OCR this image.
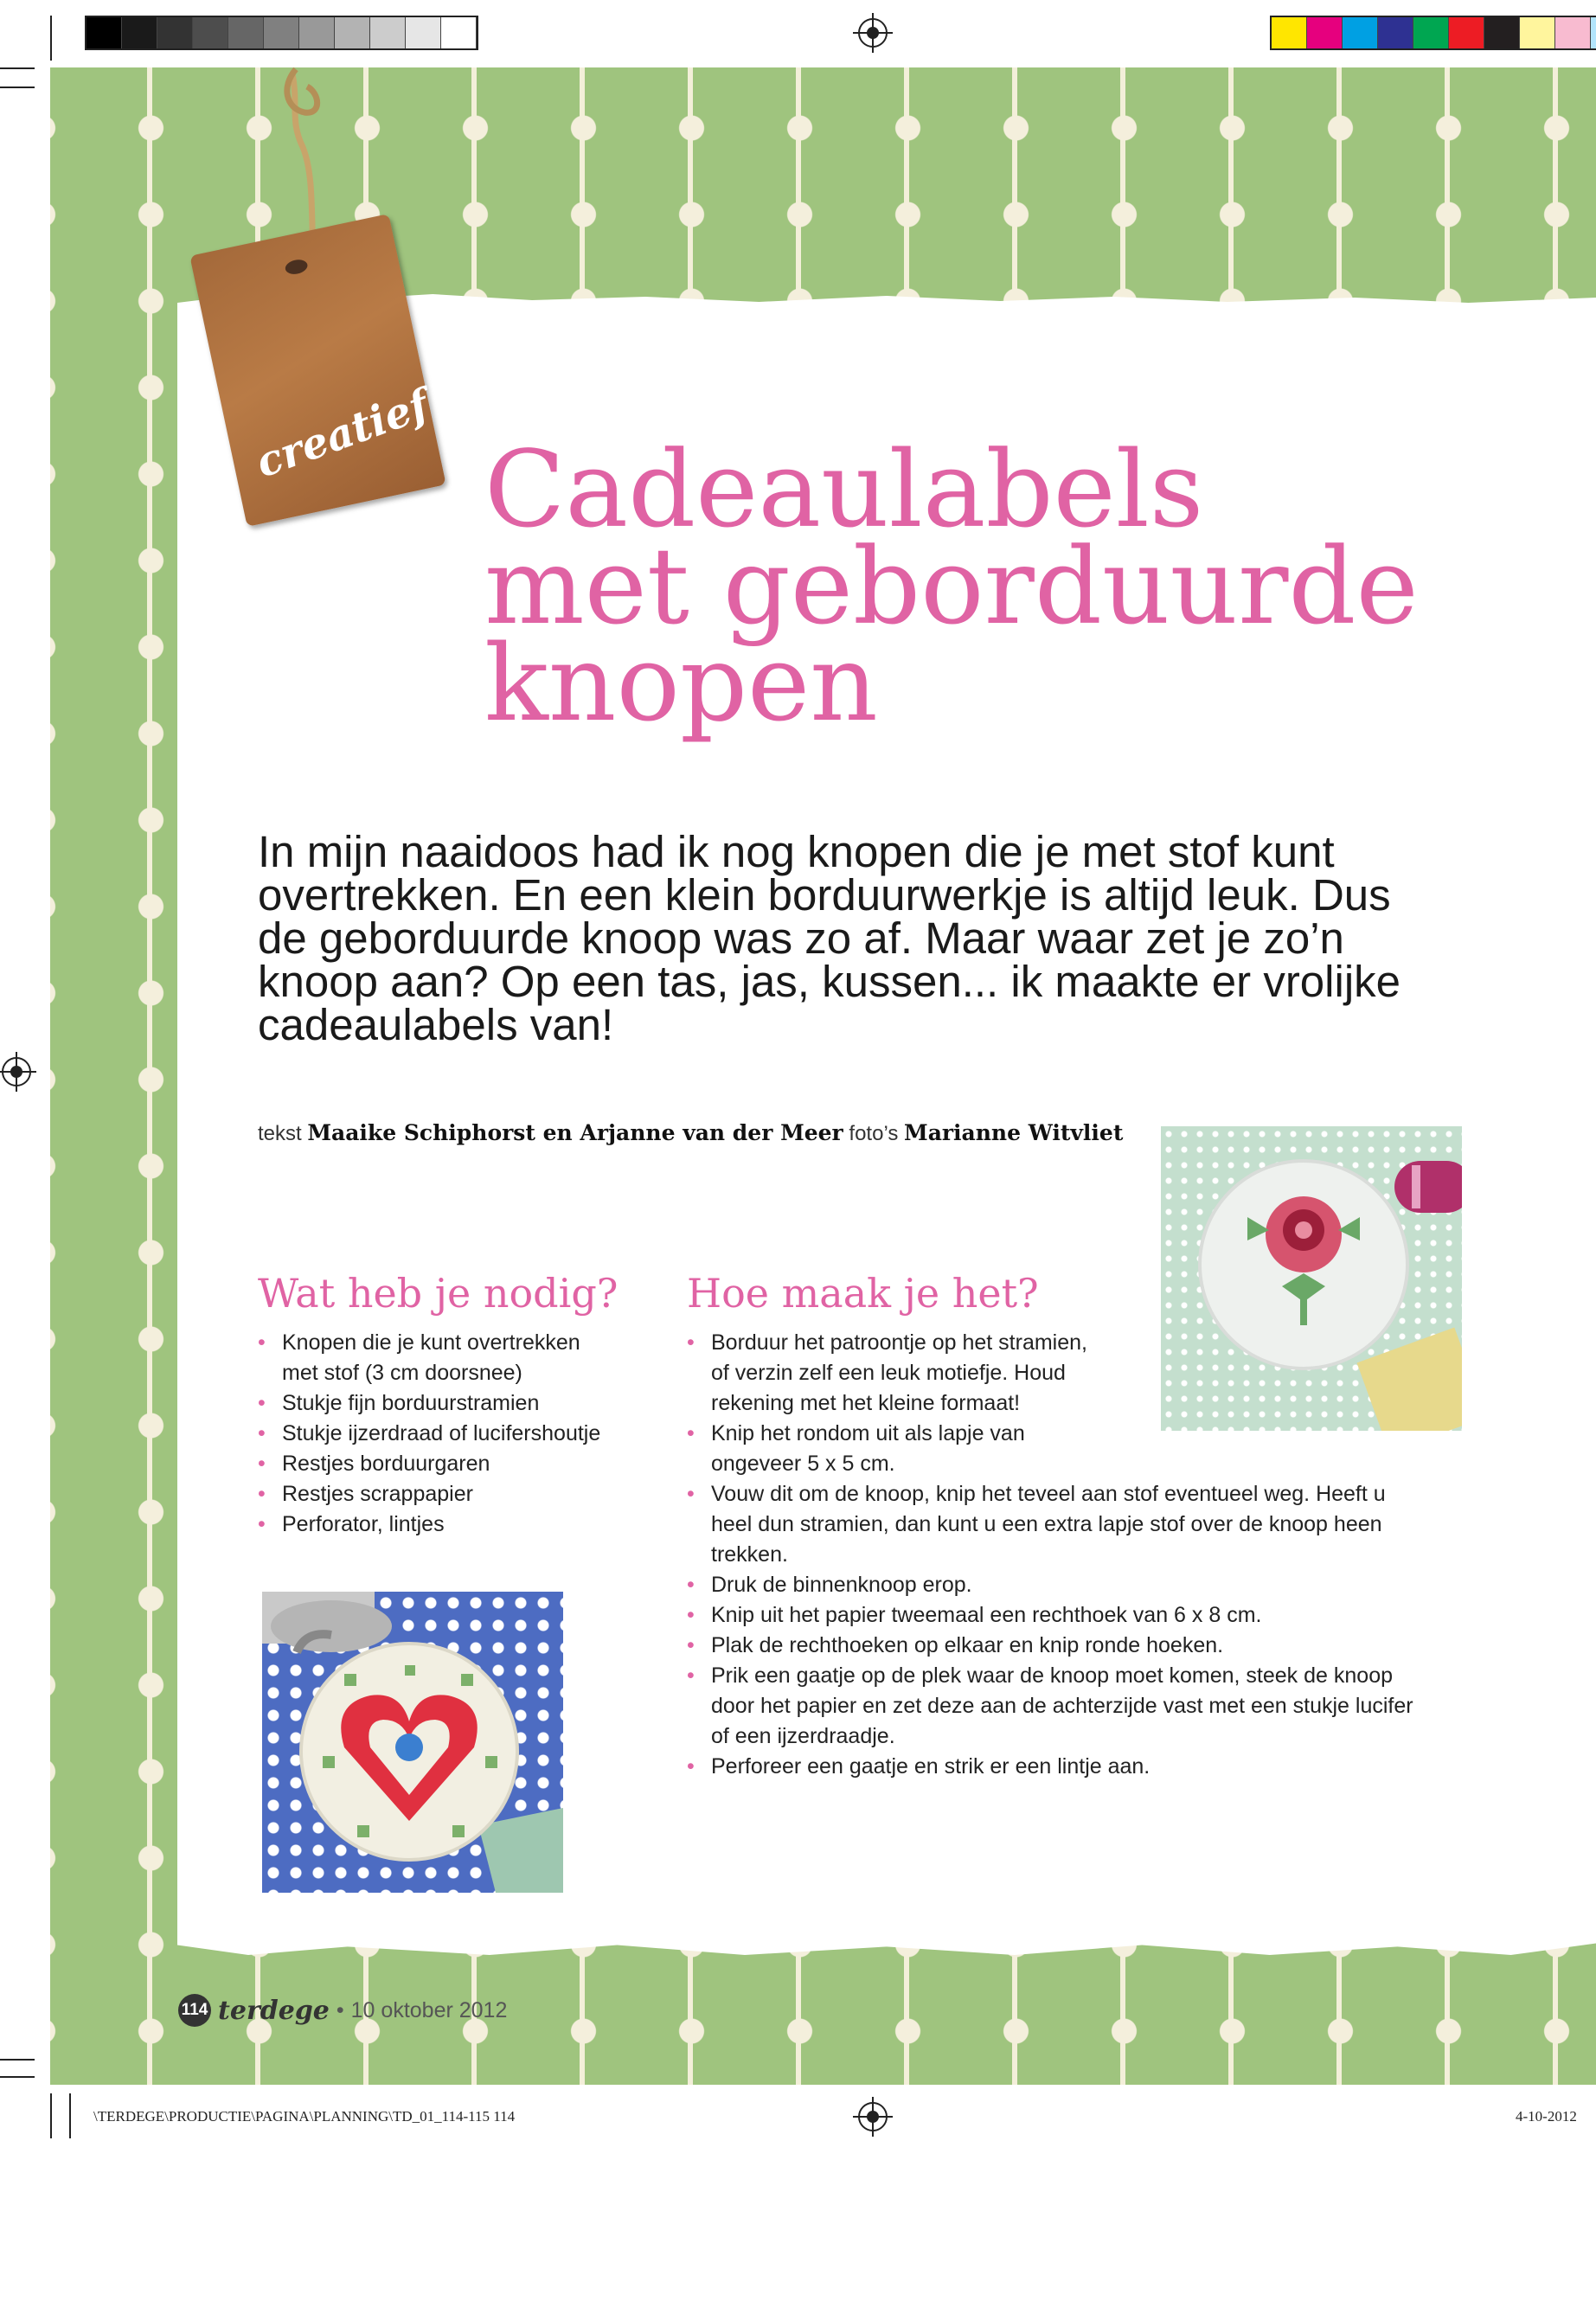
creatief Cadeaulabels
met geborduurde
knopen
In mijn naaidoos had ik nog knopen die je met stof kunt
overtrekken. En een klein borduurwerkje is altijd leuk. Dus
de geborduurde knoop was zo af. Maar waar zet je zo’n
knoop aan? Op een tas, jas, kussen... ik maakte er vrolijke
cadeaulabels van!
tekst Maaike Schiphorst en Arjanne van der Meer foto’s Marianne Witvliet
Wat heb je nodig?
• Knopen die je kunt overtrekken
met stof (3 cm doorsnee)
• Stukje fijn borduurstramien
• Stukje ijzerdraad of lucifershoutje
• Restjes borduurgaren
• Restjes scrappapier
• Perforator, lintjes
Hoe maak je het?
• Borduur het patroontje op het stramien,
of verzin zelf een leuk motiefje. Houd
rekening met het kleine formaat!
• Knip het rondom uit als lapje van
ongeveer 5 x 5 cm.
• Vouw dit om de knoop, knip het teveel aan stof eventueel weg. Heeft u
heel dun stramien, dan kunt u een extra lapje stof over de knoop heen
trekken.
• Druk de binnenknoop erop.
• Knip uit het papier tweemaal een rechthoek van 6 x 8 cm.
• Plak de rechthoeken op elkaar en knip ronde hoeken.
• Prik een gaatje op de plek waar de knoop moet komen, steek de knoop
door het papier en zet deze aan de achterzijde vast met een stukje lucifer
of een ijzerdraadje.
• Perforeer een gaatje en strik er een lintje aan.
114 terdege • 10 oktober 2012
\TERDEGE\PRODUCTIE\PAGINA\PLANNING\TD_01_114-115 114	4-10-2012
